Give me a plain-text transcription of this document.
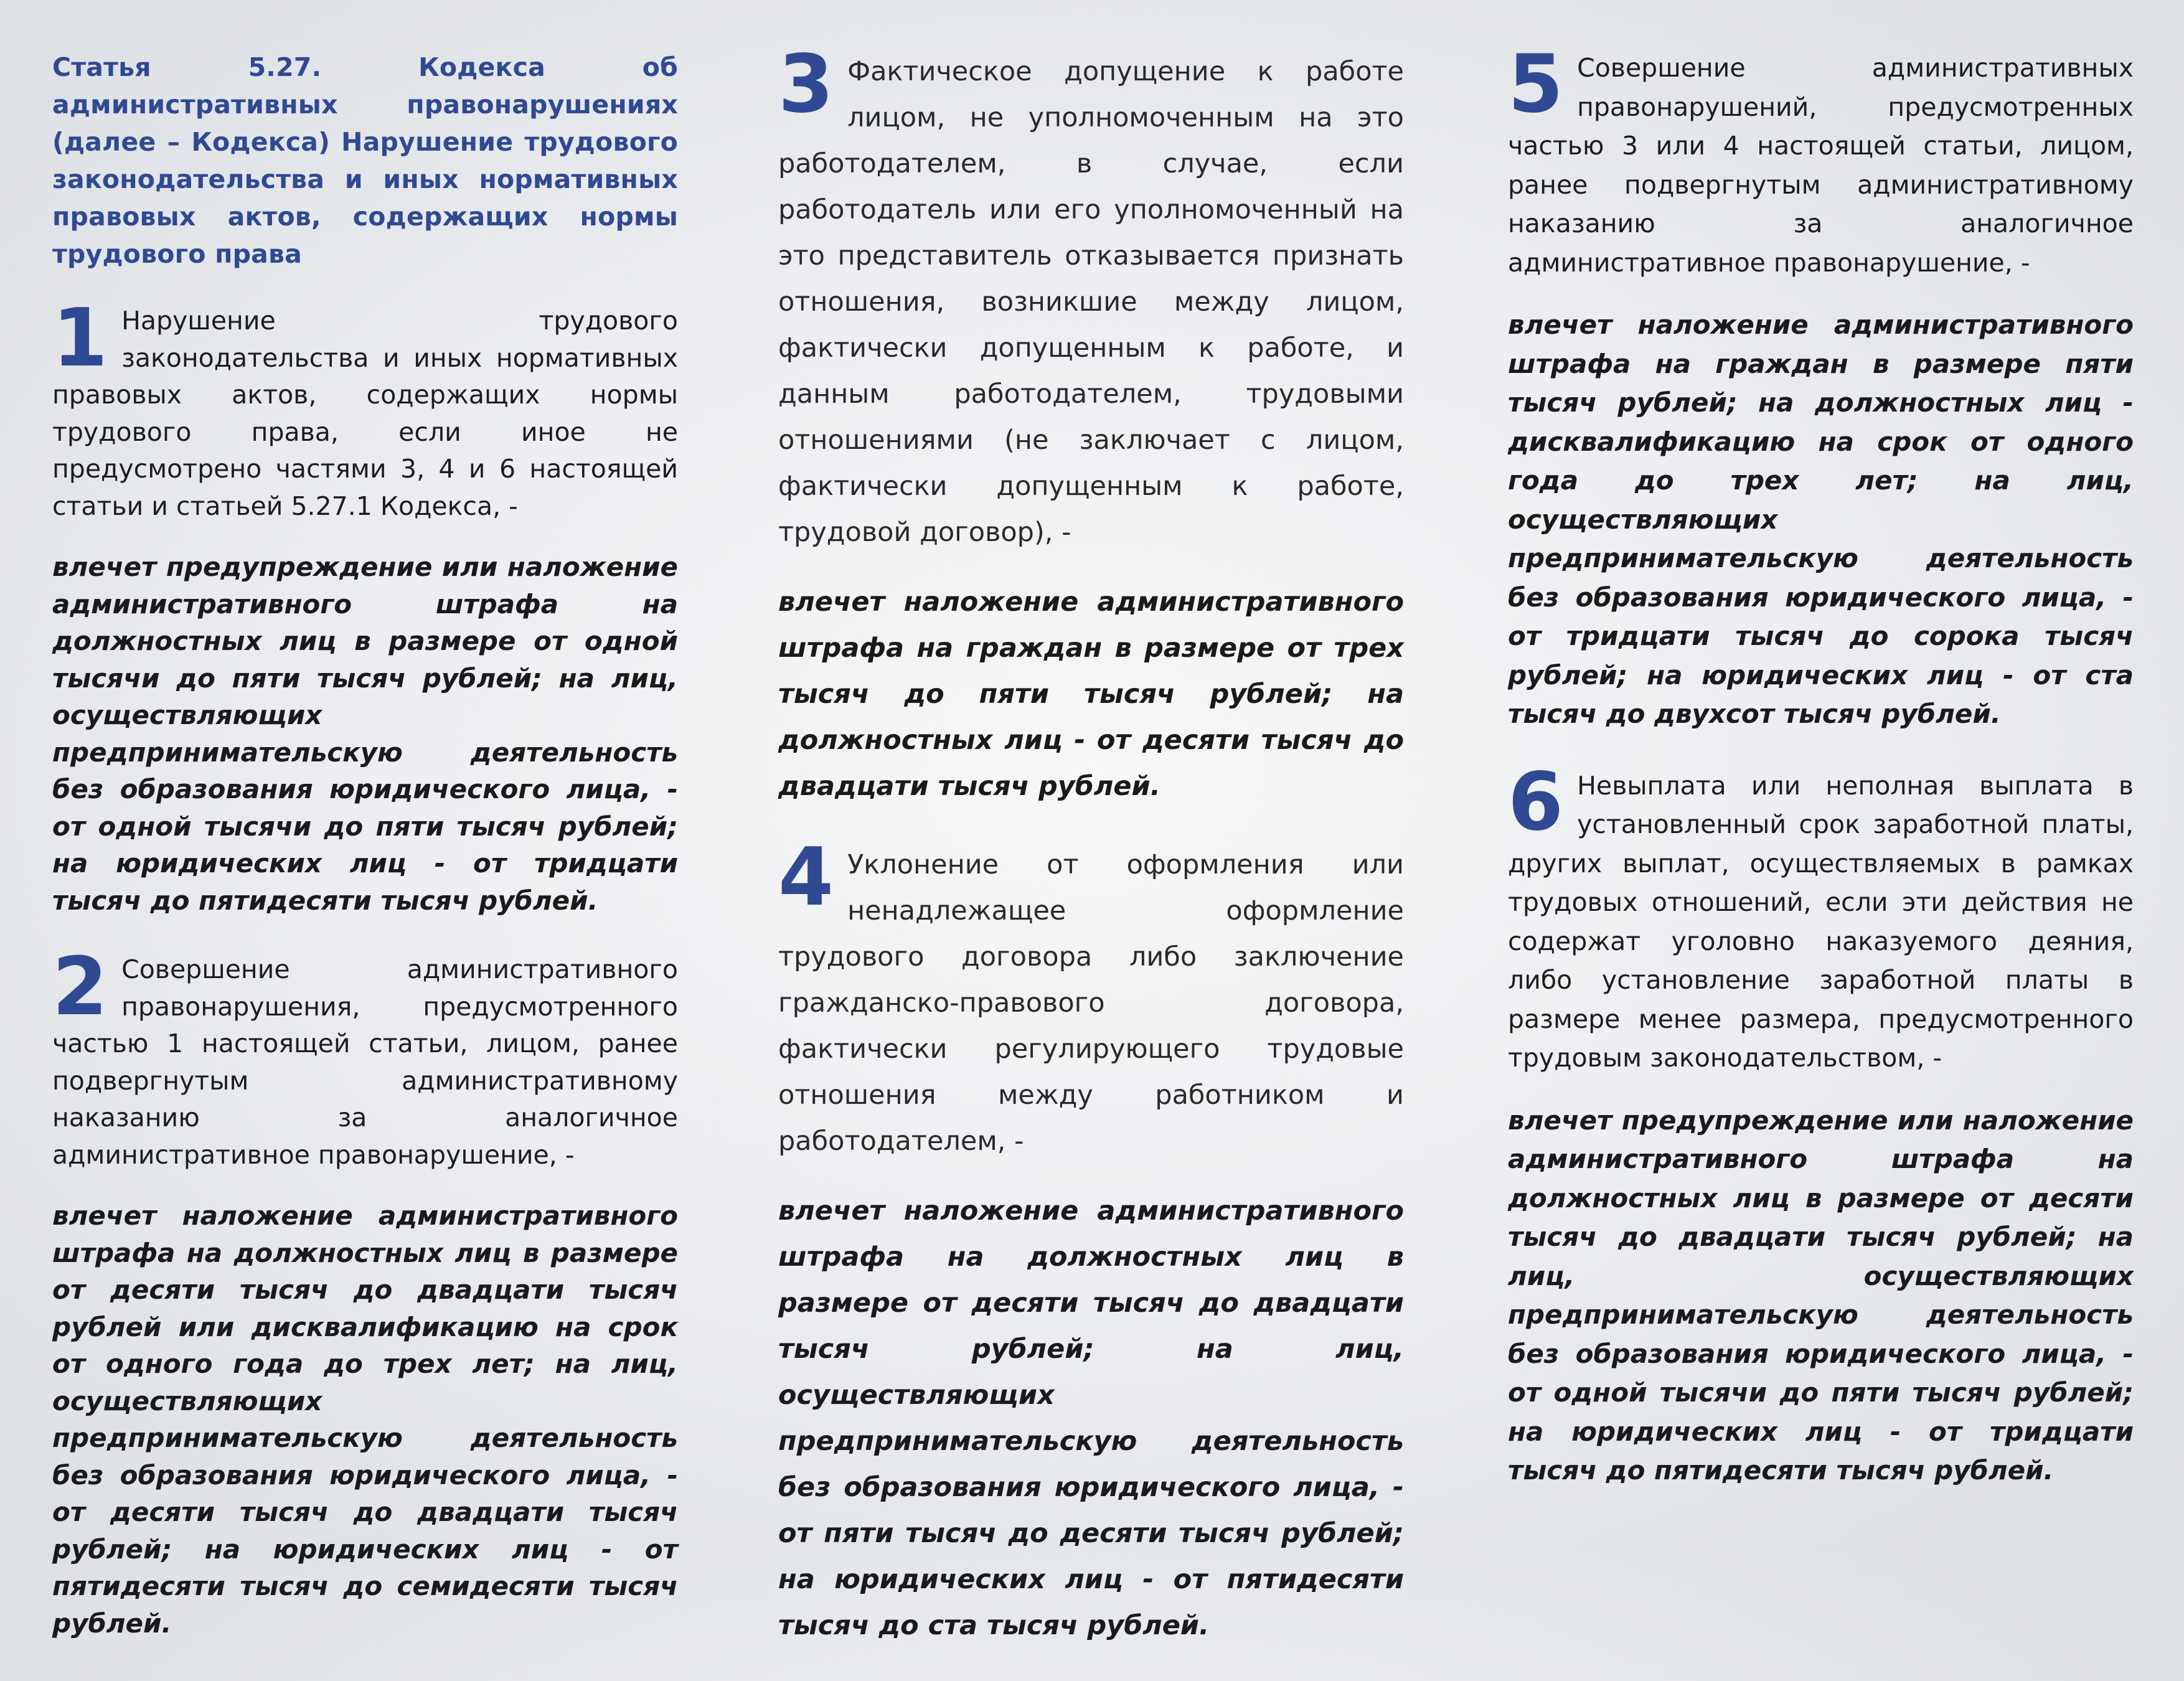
Статья 5.27. Кодекса об административных правонарушениях (далее – Кодекса) Нарушение трудового законодательства и иных нормативных правовых актов, содержащих нормы трудового права
1 Нарушение трудового законодательства и иных нормативных правовых актов, содержащих нормы трудового права, если иное не предусмотрено частями 3, 4 и 6 настоящей статьи и статьей 5.27.1 Кодекса, -

влечет предупреждение или наложение административного штрафа на должностных лиц в размере от одной тысячи до пяти тысяч рублей; на лиц, осуществляющих предпринимательскую деятельность без образования юридического лица, - от одной тысячи до пяти тысяч рублей; на юридических лиц - от тридцати тысяч до пятидесяти тысяч рублей.

2 Совершение административного правонарушения, предусмотренного частью 1 настоящей статьи, лицом, ранее подвергнутым административному наказанию за аналогичное административное правонарушение, -

влечет наложение административного штрафа на должностных лиц в размере от десяти тысяч до двадцати тысяч рублей или дисквалификацию на срок от одного года до трех лет; на лиц, осуществляющих предпринимательскую деятельность без образования юридического лица, - от десяти тысяч до двадцати тысяч рублей; на юридических лиц - от пятидесяти тысяч до семидесяти тысяч рублей.

3 Фактическое допущение к работе лицом, не уполномоченным на это работодателем, в случае, если работодатель или его уполномоченный на это представитель отказывается признать отношения, возникшие между лицом, фактически допущенным к работе, и данным работодателем, трудовыми отношениями (не заключает с лицом, фактически допущенным к работе, трудовой договор), -

влечет наложение административного штрафа на граждан в размере от трех тысяч до пяти тысяч рублей; на должностных лиц - от десяти тысяч до двадцати тысяч рублей.

4 Уклонение от оформления или ненадлежащее оформление трудового договора либо заключение гражданско-правового договора, фактически регулирующего трудовые отношения между работником и работодателем, -

влечет наложение административного штрафа на должностных лиц в размере от десяти тысяч до двадцати тысяч рублей; на лиц, осуществляющих предпринимательскую деятельность без образования юридического лица, - от пяти тысяч до десяти тысяч рублей; на юридических лиц - от пятидесяти тысяч до ста тысяч рублей.

5 Совершение административных правонарушений, предусмотренных частью 3 или 4 настоящей статьи, лицом, ранее подвергнутым административному наказанию за аналогичное административное правонарушение, -

влечет наложение административного штрафа на граждан в размере пяти тысяч рублей; на должностных лиц - дисквалификацию на срок от одного года до трех лет; на лиц, осуществляющих предпринимательскую деятельность без образования юридического лица, - от тридцати тысяч до сорока тысяч рублей; на юридических лиц - от ста тысяч до двухсот тысяч рублей.

6 Невыплата или неполная выплата в установленный срок заработной платы, других выплат, осуществляемых в рамках трудовых отношений, если эти действия не содержат уголовно наказуемого деяния, либо установление заработной платы в размере менее размера, предусмотренного трудовым законодательством, -

влечет предупреждение или наложение административного штрафа на должностных лиц в размере от десяти тысяч до двадцати тысяч рублей; на лиц, осуществляющих предпринимательскую деятельность без образования юридического лица, - от одной тысячи до пяти тысяч рублей; на юридических лиц - от тридцати тысяч до пятидесяти тысяч рублей.
